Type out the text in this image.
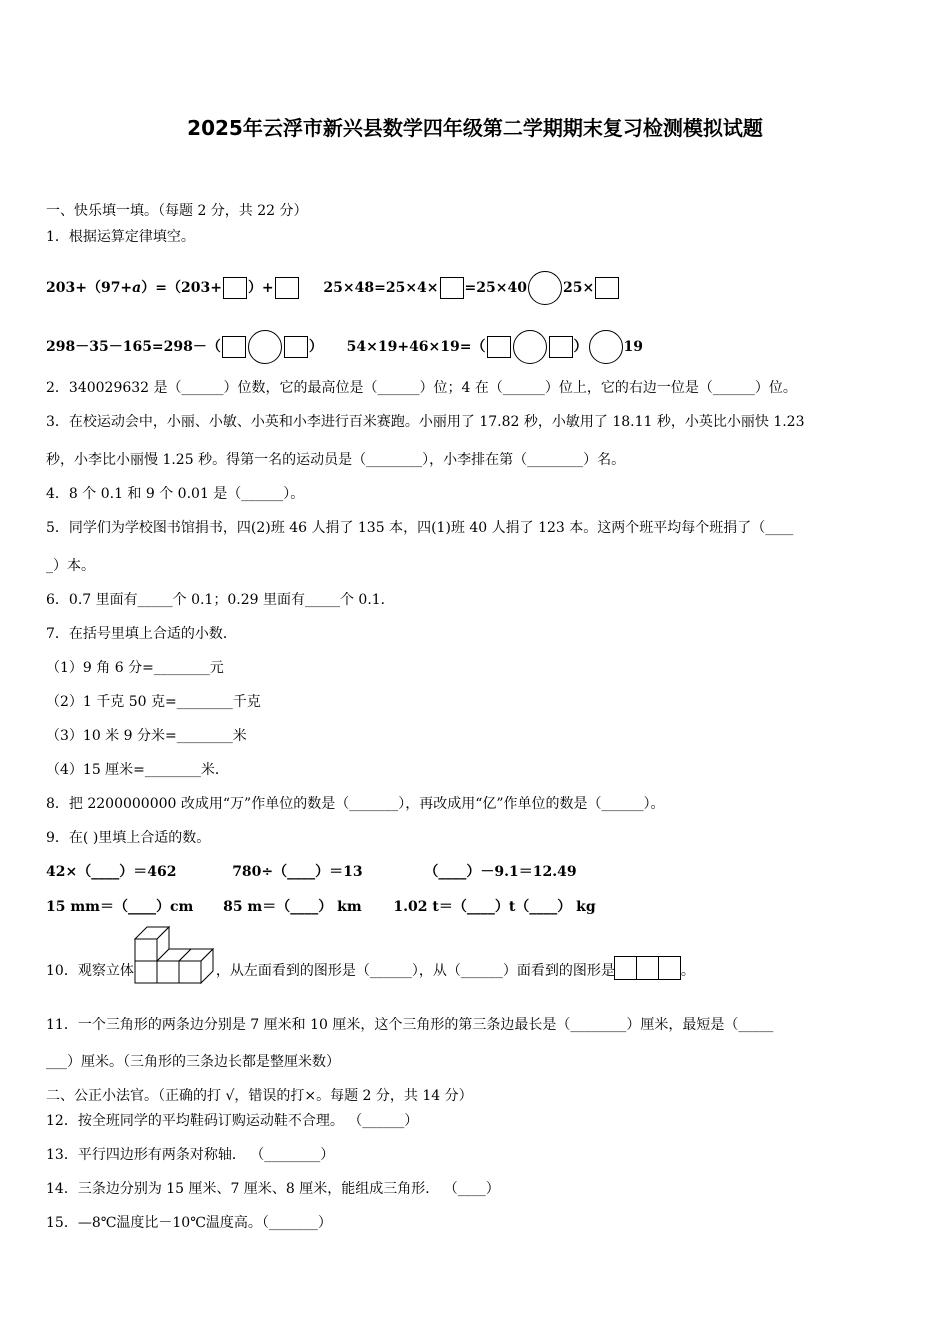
2025年云浮市新兴县数学四年级第二学期期末复习检测模拟试题
一、快乐填一填。（每题 2 分，共 22 分）
1．根据运算定律填空。
203+（97+a）=（203+ ）+	25×48=25×4× =25×40	25×
298－35－165=298－（	） 54×19+46×19=（	）	19
2．340029632 是（______）位数，它的最高位是（______）位；4 在（______）位上，它的右边一位是（______）位。
3．在校运动会中，小丽、小敏、小英和小李进行百米赛跑。小丽用了 17.82 秒，小敏用了 18.11 秒，小英比小丽快 1.23
秒，小李比小丽慢 1.25 秒。得第一名的运动员是（________），小李排在第（________）名。
4．8 个 0.1 和 9 个 0.01 是（______）。
5．同学们为学校图书馆捐书，四(2)班 46 人捐了 135 本，四(1)班 40 人捐了 123 本。这两个班平均每个班捐了（____
_）本。
6．0.7 里面有_____个 0.1；0.29 里面有_____个 0.1．
7．在括号里填上合适的小数．
（1）9 角 6 分=________元
（2）1 千克 50 克=________千克
（3）10 米 9 分米=________米
（4）15 厘米=________米．
8．把 2200000000 改成用“万”作单位的数是（_______），再改成用“亿”作单位的数是（______）。
9．在( )里填上合适的数。
42×（____）＝462	780÷（____）＝13	（____）－9.1＝12.49
15 mm＝（____）cm 85 m＝（____） km 1.02 t＝（____）t（____） kg
10．观察立体	，从左面看到的图形是（______），从（______）面看到的图形是	。
11．一个三角形的两条边分别是 7 厘米和 10 厘米，这个三角形的第三条边最长是（________）厘米，最短是（_____
___）厘米。（三角形的三条边长都是整厘米数）
二、公正小法官。（正确的打 √，错误的打×。每题 2 分，共 14 分）
12．按全班同学的平均鞋码订购运动鞋不合理。 （______）
13．平行四边形有两条对称轴． （________）
14．三条边分别为 15 厘米、7 厘米、8 厘米，能组成三角形． （____）
15．—8℃温度比－10℃温度高。（_______）
